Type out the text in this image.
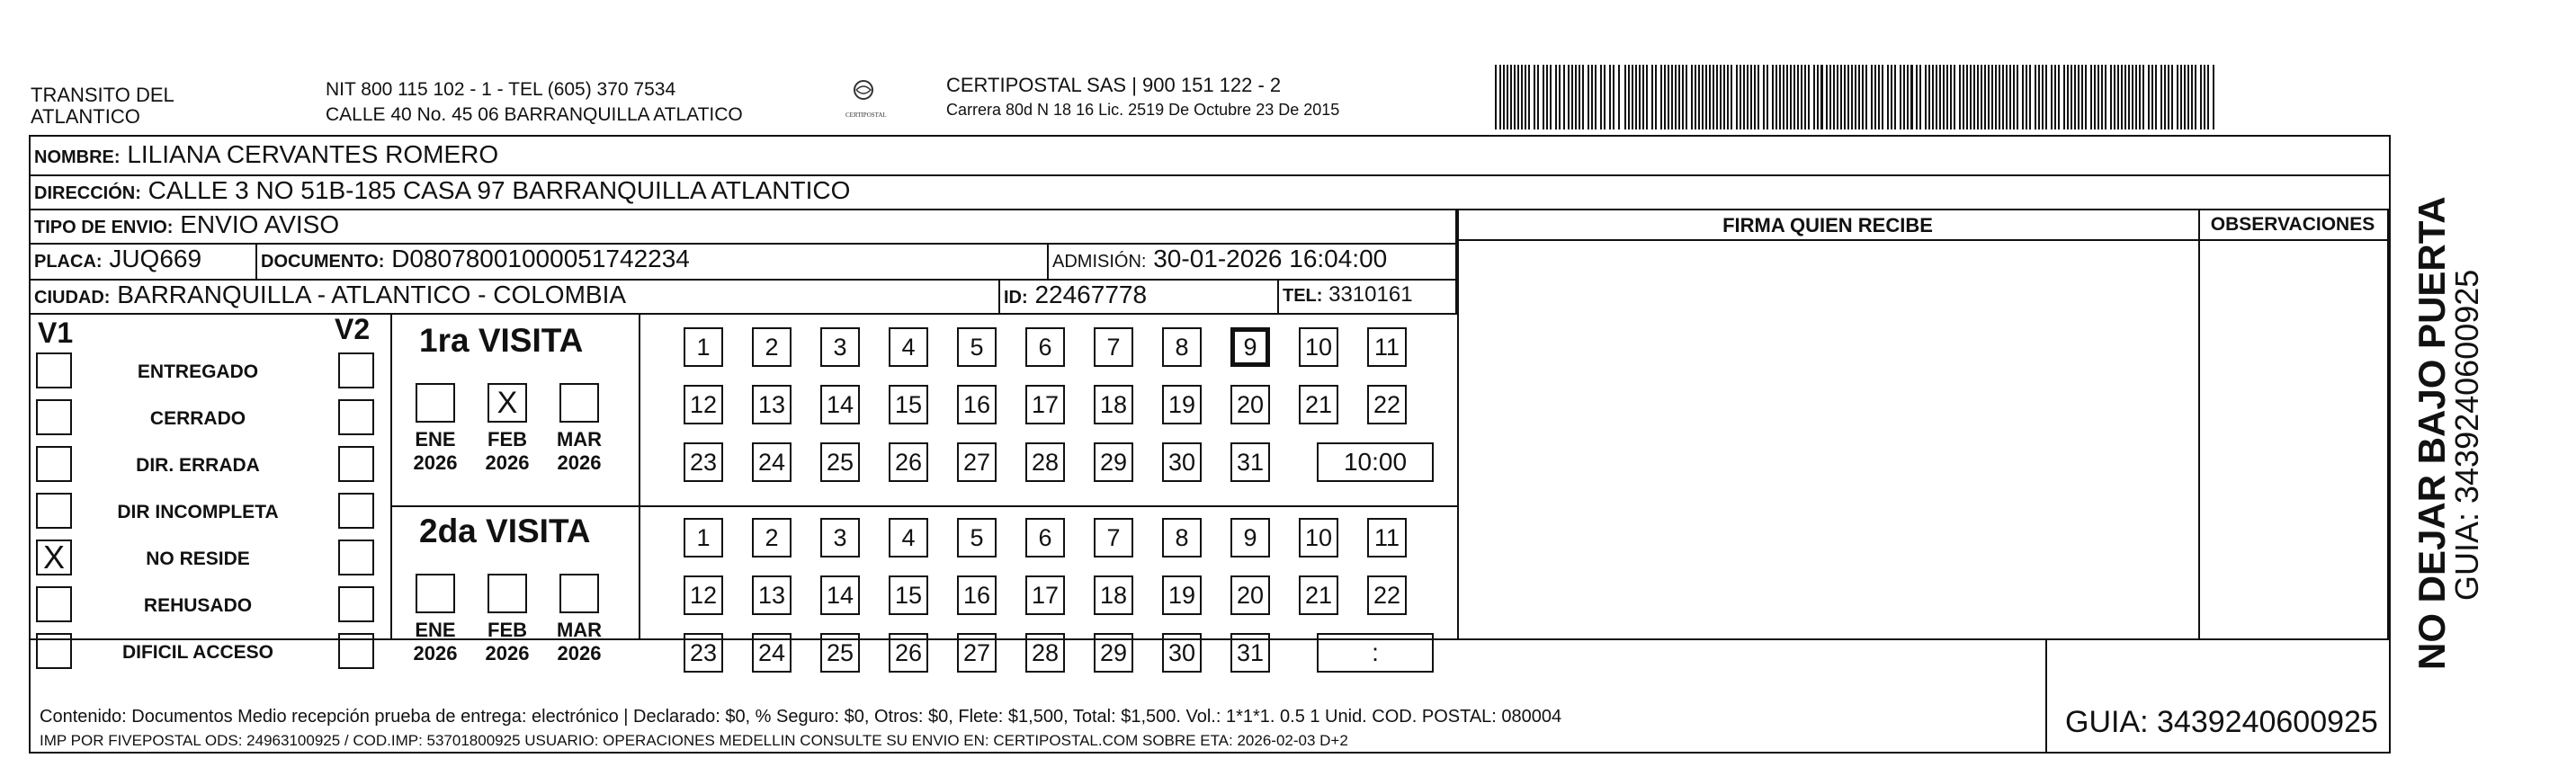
TRANSITO DEL
ATLANTICO
NIT 800 115 102 - 1 - TEL (605) 370 7534
CALLE 40 No. 45 06 BARRANQUILLA ATLATICO	CERTIPOSTAL
CERTIPOSTAL SAS | 900 151 122 - 2
Carrera 80d N 18 16 Lic. 2519 De Octubre 23 De 2015
NOMBRE: LILIANA CERVANTES ROMERO
DIRECCIÓN: CALLE 3 NO 51B-185 CASA 97 BARRANQUILLA ATLANTICO
TIPO DE ENVIO: ENVIO AVISO
PLACA: JUQ669	DOCUMENTO: D08078001000051742234	ADMISIÓN: 30-01-2026 16:04:00
CIUDAD: BARRANQUILLA - ATLANTICO - COLOMBIA	ID: 22467778	TEL: 3310161
FIRMA QUIEN RECIBE	OBSERVACIONES
V1	V2
ENTREGADO
CERRADO
DIR. ERRADA
DIR INCOMPLETA
X	NO RESIDE
REHUSADO
DIFICIL ACCESO
1ra VISITA
ENE
2026
X
FEB
2026
MAR
2026
1	2	3	4	5	6	7	8	9	10 11
12 13 14 15 16 17 18 19 20 21 22
23 24 25 26 27 28 29 30 31	10:00
2da VISITA
ENE
2026
FEB
2026
MAR
2026
1	2	3	4	5	6	7	8	9	10 11
12 13 14 15 16 17 18 19 20 21 22
23 24 25 26 27 28 29 30 31	:
Contenido: Documentos Medio recepción prueba de entrega: electrónico | Declarado: $0, % Seguro: $0, Otros: $0, Flete: $1,500, Total: $1,500. Vol.: 1*1*1. 0.5 1 Unid. COD. POSTAL: 080004
IMP POR FIVEPOSTAL ODS: 24963100925 / COD.IMP: 53701800925 USUARIO: OPERACIONES MEDELLIN CONSULTE SU ENVIO EN: CERTIPOSTAL.COM SOBRE ETA: 2026-02-03 D+2
GUIA: 3439240600925
NO DEJAR BAJO PUERTA
GUIA: 3439240600925
